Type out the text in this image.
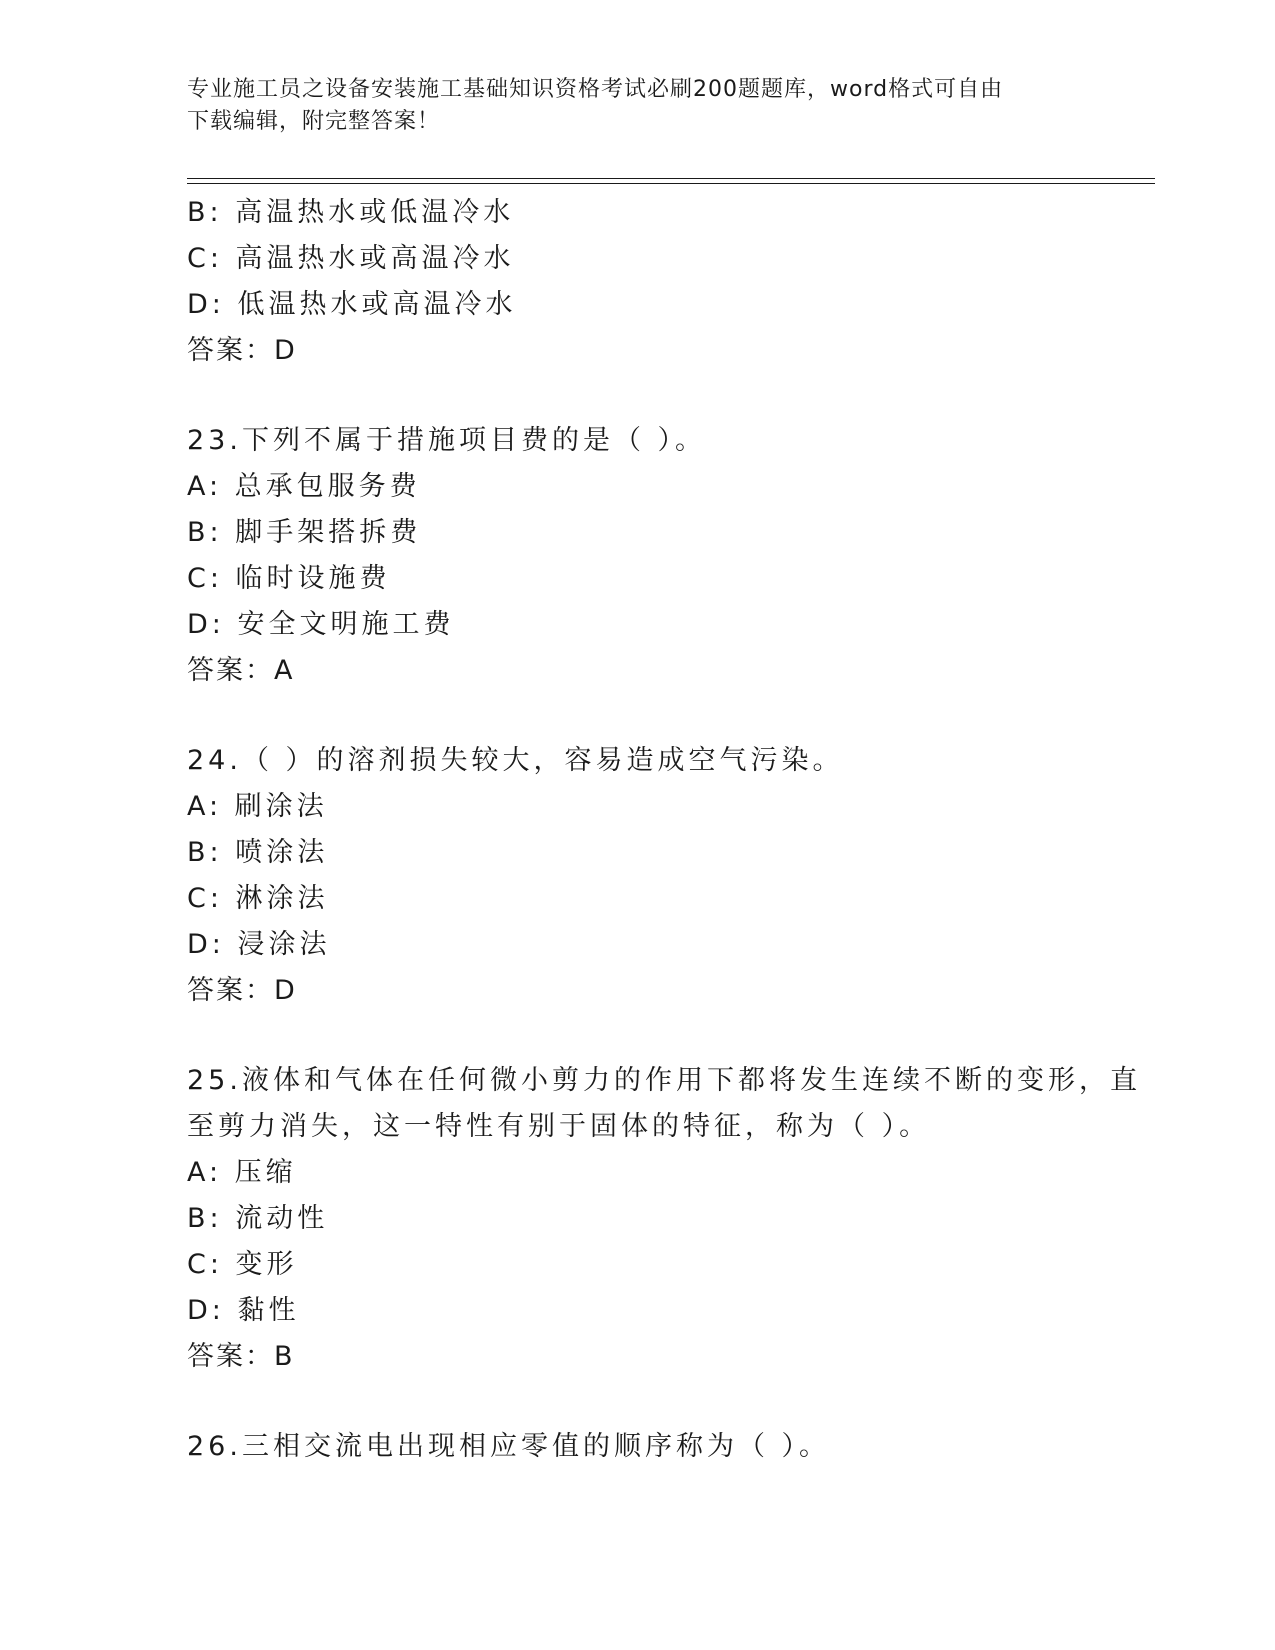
专业施工员之设备安装施工基础知识资格考试必刷200题题库，word格式可自由
下载编辑，附完整答案！
B: 高温热水或低温冷水
C: 高温热水或高温冷水
D: 低温热水或高温冷水
答案：D
23.下列不属于措施项目费的是（ ）。
A: 总承包服务费
B: 脚手架搭拆费
C: 临时设施费
D: 安全文明施工费
答案：A
24.（ ）的溶剂损失较大，容易造成空气污染。
A: 刷涂法
B: 喷涂法
C: 淋涂法
D: 浸涂法
答案：D
25.液体和气体在任何微小剪力的作用下都将发生连续不断的变形，直
至剪力消失，这一特性有别于固体的特征，称为（ ）。
A: 压缩
B: 流动性
C: 变形
D: 黏性
答案：B
26.三相交流电出现相应零值的顺序称为（ ）。
